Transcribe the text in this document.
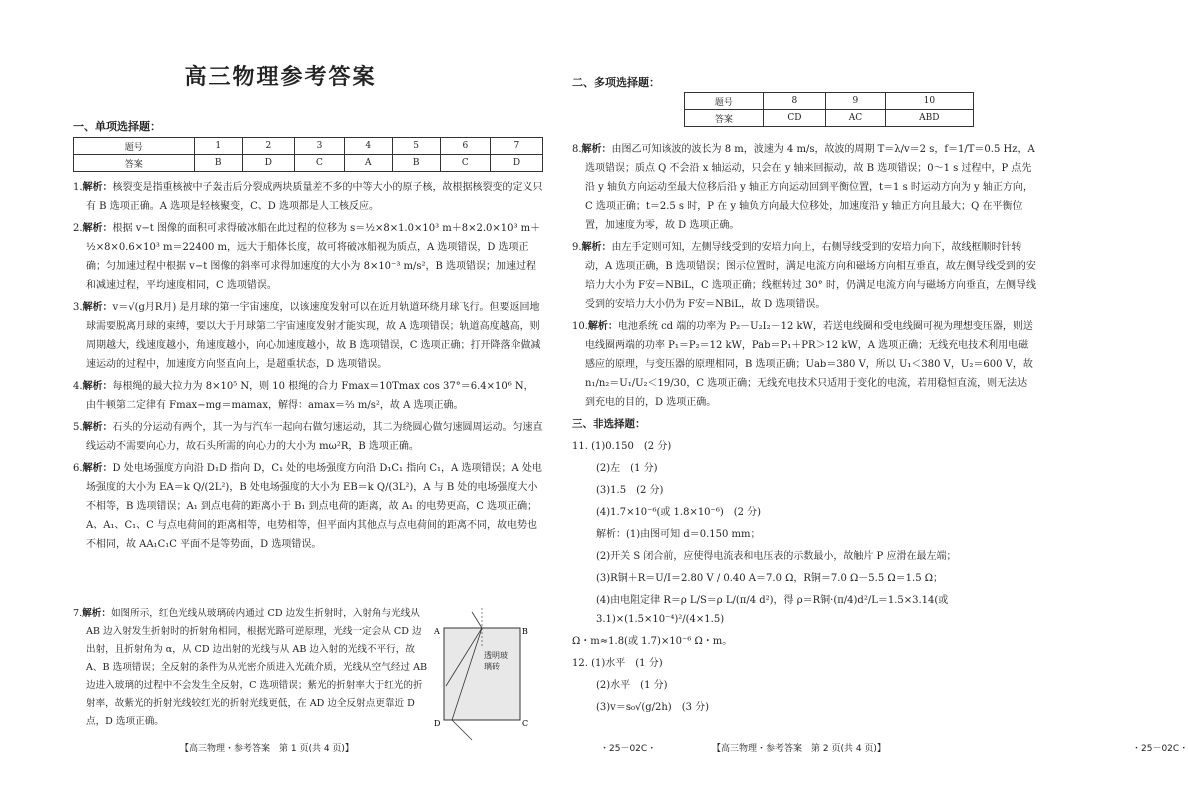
高三物理参考答案
一、单项选择题：
题号	1	2	3	4	5	6	7
答案	B	D	C	A	B	C	D

1.解析：核裂变是指重核被中子轰击后分裂成两块质量差不多的中等大小的原子核，故根据核裂变的定义只有 B 选项正确。A 选项是轻核聚变，C、D 选项都是人工核反应。

2.解析：根据 v−t 图像的面积可求得破冰船在此过程的位移为 s＝½×8×1.0×10³ m＋8×2.0×10³ m＋½×8×0.6×10³ m＝22400 m，远大于船体长度，故可将破冰船视为质点，A 选项错误，D 选项正确；匀加速过程中根据 v−t 图像的斜率可求得加速度的大小为 8×10⁻³ m/s²，B 选项错误；加速过程和减速过程，平均速度相同，C 选项错误。

3.解析：v＝√(g月R月) 是月球的第一宇宙速度，以该速度发射可以在近月轨道环绕月球飞行。但要返回地球需要脱离月球的束缚，要以大于月球第二宇宙速度发射才能实现，故 A 选项错误；轨道高度越高，则周期越大，线速度越小，角速度越小，向心加速度越小，故 B 选项错误，C 选项正确；打开降落伞做减速运动的过程中，加速度方向竖直向上，是超重状态，D 选项错误。

4.解析：每根绳的最大拉力为 8×10⁵ N，则 10 根绳的合力 Fmax＝10Tmax cos 37°＝6.4×10⁶ N，由牛顿第二定律有 Fmax−mg＝mamax，解得：amax＝⅔ m/s²，故 A 选项正确。

5.解析：石头的分运动有两个，其一为与汽车一起向右做匀速运动，其二为绕圆心做匀速圆周运动。匀速直线运动不需要向心力，故石头所需的向心力的大小为 mω²R，B 选项正确。

6.解析：D 处电场强度方向沿 D₁D 指向 D，C₁ 处的电场强度方向沿 D₁C₁ 指向 C₁，A 选项错误；A 处电场强度的大小为 EA＝k Q/(2L²)，B 处电场强度的大小为 EB＝k Q/(3L²)，A 与 B 处的电场强度大小不相等，B 选项错误；A₁ 到点电荷的距离小于 B₁ 到点电荷的距离，故 A₁ 的电势更高，C 选项正确；A、A₁、C₁、C 与点电荷间的距离相等，电势相等，但平面内其他点与点电荷间的距离不同，故电势也不相同，故 AA₁C₁C 平面不是等势面，D 选项错误。

7.解析：如图所示，红色光线从玻璃砖内通过 CD 边发生折射时，入射角与光线从 AB 边入射发生折射时的折射角相同，根据光路可逆原理，光线一定会从 CD 边出射，且折射角为 α，从 CD 边出射的光线与从 AB 边入射的光线不平行，故 A、B 选项错误；全反射的条件为从光密介质进入光疏介质，光线从空气经过 AB 边进入玻璃的过程中不会发生全反射，C 选项错误；紫光的折射率大于红光的折射率，故紫光的折射光线较红光的折射光线更低，在 AD 边全反射点更靠近 D 点，D 选项正确。

A	B
C
D
透明玻璃砖
【高三物理・参考答案　第 1 页(共 4 页)】	・25－02C・
二、多项选择题：
题号	8	9	10
答案	CD	AC	ABD

8.解析：由图乙可知该波的波长为 8 m，波速为 4 m/s，故波的周期 T＝λ/v＝2 s，f＝1/T＝0.5 Hz，A 选项错误；质点 Q 不会沿 x 轴运动，只会在 y 轴来回振动，故 B 选项错误；0～1 s 过程中，P 点先沿 y 轴负方向运动至最大位移后沿 y 轴正方向运动回到平衡位置，t＝1 s 时运动方向为 y 轴正方向，C 选项正确；t＝2.5 s 时，P 在 y 轴负方向最大位移处，加速度沿 y 轴正方向且最大；Q 在平衡位置，加速度为零，故 D 选项正确。

9.解析：由左手定则可知，左侧导线受到的安培力向上，右侧导线受到的安培力向下，故线框顺时针转动，A 选项正确，B 选项错误；图示位置时，满足电流方向和磁场方向相互垂直，故左侧导线受到的安培力大小为 F安＝NBiL，C 选项正确；线框转过 30° 时，仍满足电流方向与磁场方向垂直，左侧导线受到的安培力大小仍为 F安＝NBiL，故 D 选项错误。

10.解析：电池系统 cd 端的功率为 P₂－U₂I₂－12 kW，若送电线圈和受电线圈可视为理想变压器，则送电线圈两端的功率 P₁＝P₂＝12 kW，Pab＝P₁＋PR＞12 kW，A 选项正确；无线充电技术利用电磁感应的原理，与变压器的原理相同，B 选项正确；Uab＝380 V，所以 U₁＜380 V，U₂＝600 V，故 n₁/n₂＝U₁/U₂＜19/30，C 选项正确；无线充电技术只适用于变化的电流，若用稳恒直流，则无法达到充电的目的，D 选项正确。

三、非选择题：

11. (1)0.150　(2 分)

(2)左　(1 分)

(3)1.5　(2 分)

(4)1.7×10⁻⁶(或 1.8×10⁻⁶)　(2 分)

解析：(1)由图可知 d＝0.150 mm；

(2)开关 S 闭合前，应使得电流表和电压表的示数最小，故触片 P 应滑在最左端；

(3)R铜＋R＝U/I＝2.80 V / 0.40 A＝7.0 Ω，R铜＝7.0 Ω－5.5 Ω＝1.5 Ω；

(4)由电阻定律 R＝ρ L/S＝ρ L/(π/4 d²)，得 ρ＝R铜·(π/4)d²/L＝1.5×3.14(或 3.1)×(1.5×10⁻⁴)²/(4×1.5)

Ω・m≈1.8(或 1.7)×10⁻⁶ Ω・m。

12. (1)水平　(1 分)

(2)水平　(1 分)

(3)v＝s₀√(g/2h)　(3 分)

【高三物理・参考答案　第 2 页(共 4 页)】	・25－02C・
